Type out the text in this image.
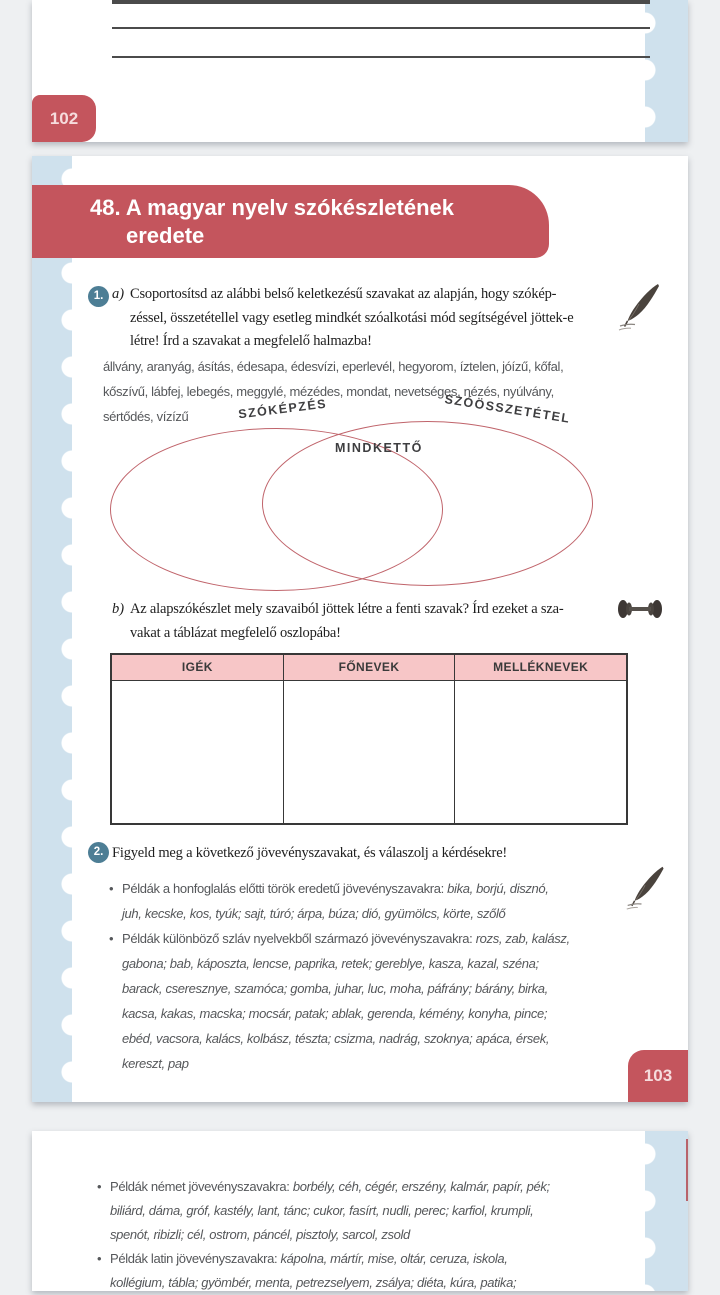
102
48. A magyar nyelv szókészletének
eredete
1. a) Csoportosítsd az alábbi belső keletkezésű szavakat az alapján, hogy szókép-
zéssel, összetétellel vagy esetleg mindkét szóalkotási mód segítségével jöttek-e
létre! Írd a szavakat a megfelelő halmazba!
állvány, aranyág, ásítás, édesapa, édesvízi, eperlevél, hegyorom, íztelen, jóízű, kőfal,
kőszívű, lábfej, lebegés, meggylé, mézédes, mondat, nevetséges, nézés, nyúlvány,
sértődés, vízízű	SZÓKÉPZÉS	SZÓÖSSZETÉTEL
MINDKETTŐ
b) Az alapszókészlet mely szavaiból jöttek létre a fenti szavak? Írd ezeket a sza-
vakat a táblázat megfelelő oszlopába!
IGÉK	FŐNEVEK	MELLÉKNEVEK
2. Figyeld meg a következő jövevényszavakat, és válaszolj a kérdésekre!
• Példák a honfoglalás előtti török eredetű jövevényszavakra: bika, borjú, disznó,
juh, kecske, kos, tyúk; sajt, túró; árpa, búza; dió, gyümölcs, körte, szőlő
• Példák különböző szláv nyelvekből származó jövevényszavakra: rozs, zab, kalász,
gabona; bab, káposzta, lencse, paprika, retek; gereblye, kasza, kazal, széna;
barack, cseresznye, szamóca; gomba, juhar, luc, moha, páfrány; bárány, birka,
kacsa, kakas, macska; mocsár, patak; ablak, gerenda, kémény, konyha, pince;
ebéd, vacsora, kalács, kolbász, tészta; csizma, nadrág, szoknya; apáca, érsek,
kereszt, pap
103
• Példák német jövevényszavakra: borbély, céh, cégér, erszény, kalmár, papír, pék;
biliárd, dáma, gróf, kastély, lant, tánc; cukor, fasírt, nudli, perec; karfiol, krumpli,
spenót, ribizli; cél, ostrom, páncél, pisztoly, sarcol, zsold
• Példák latin jövevényszavakra: kápolna, mártír, mise, oltár, ceruza, iskola,
kollégium, tábla; gyömbér, menta, petrezselyem, zsálya; diéta, kúra, patika;
